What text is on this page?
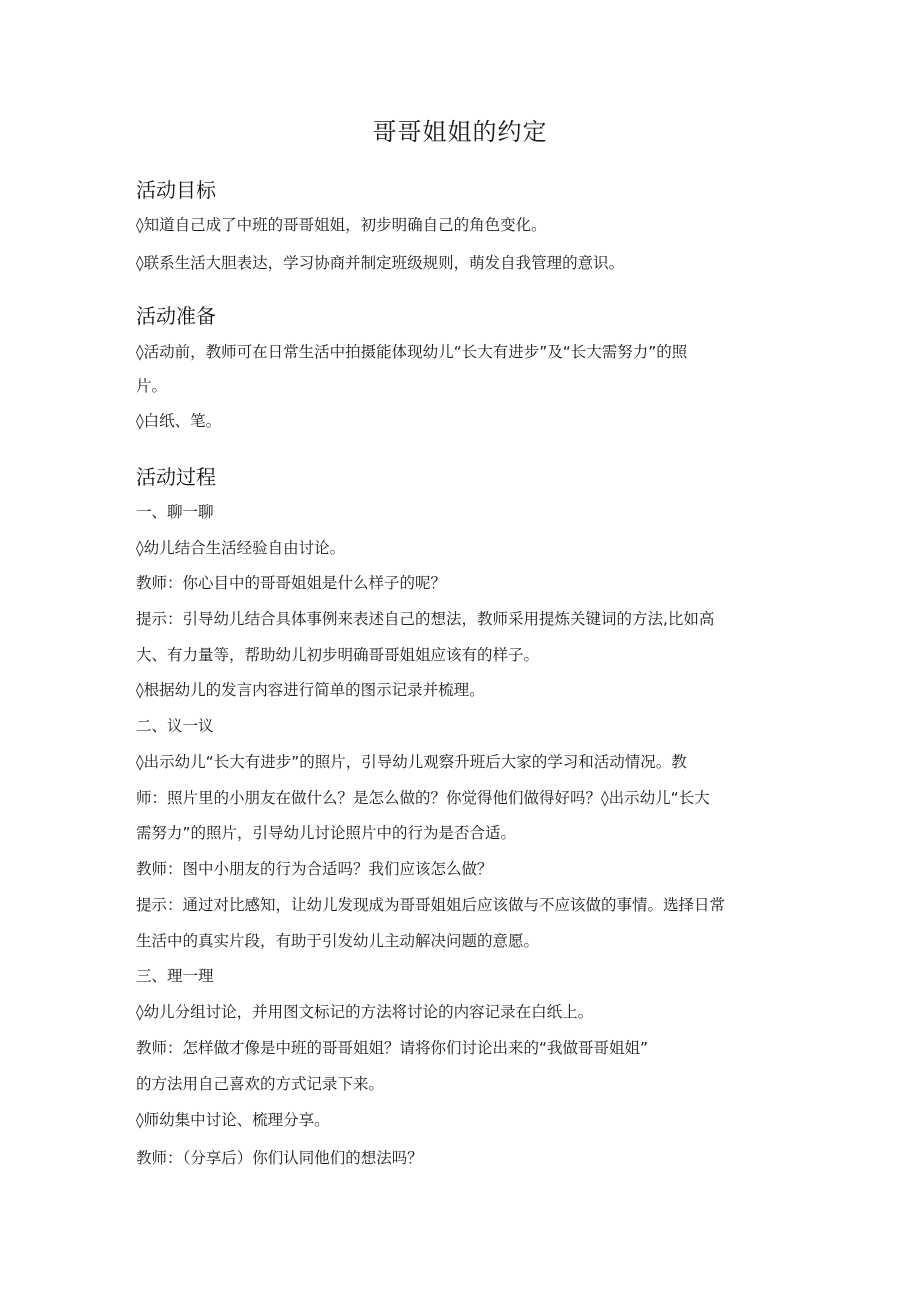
哥哥姐姐的约定
活动目标

◊知道自己成了中班的哥哥姐姐，初步明确自己的角色变化。

◊联系生活大胆表达，学习协商并制定班级规则，萌发自我管理的意识。

活动准备

◊活动前，教师可在日常生活中拍摄能体现幼儿“长大有进步”及“长大需努力”的照

片。

◊白纸、笔。

活动过程

一、聊一聊

◊幼儿结合生活经验自由讨论。

教师：你心目中的哥哥姐姐是什么样子的呢？

提示：引导幼儿结合具体事例来表述自己的想法，教师采用提炼关键词的方法,比如高

大、有力量等，帮助幼儿初步明确哥哥姐姐应该有的样子。

◊根据幼儿的发言内容进行简单的图示记录并梳理。

二、议一议

◊出示幼儿“长大有进步”的照片，引导幼儿观察升班后大家的学习和活动情况。教

师：照片里的小朋友在做什么？是怎么做的？你觉得他们做得好吗？◊出示幼儿“长大

需努力”的照片，引导幼儿讨论照片中的行为是否合适。

教师：图中小朋友的行为合适吗？我们应该怎么做？

提示：通过对比感知，让幼儿发现成为哥哥姐姐后应该做与不应该做的事情。选择日常

生活中的真实片段，有助于引发幼儿主动解决问题的意愿。

三、理一理

◊幼儿分组讨论，并用图文标记的方法将讨论的内容记录在白纸上。

教师：怎样做才像是中班的哥哥姐姐？请将你们讨论出来的“我做哥哥姐姐”

的方法用自己喜欢的方式记录下来。

◊师幼集中讨论、梳理分享。

教师：（分享后）你们认同他们的想法吗？
